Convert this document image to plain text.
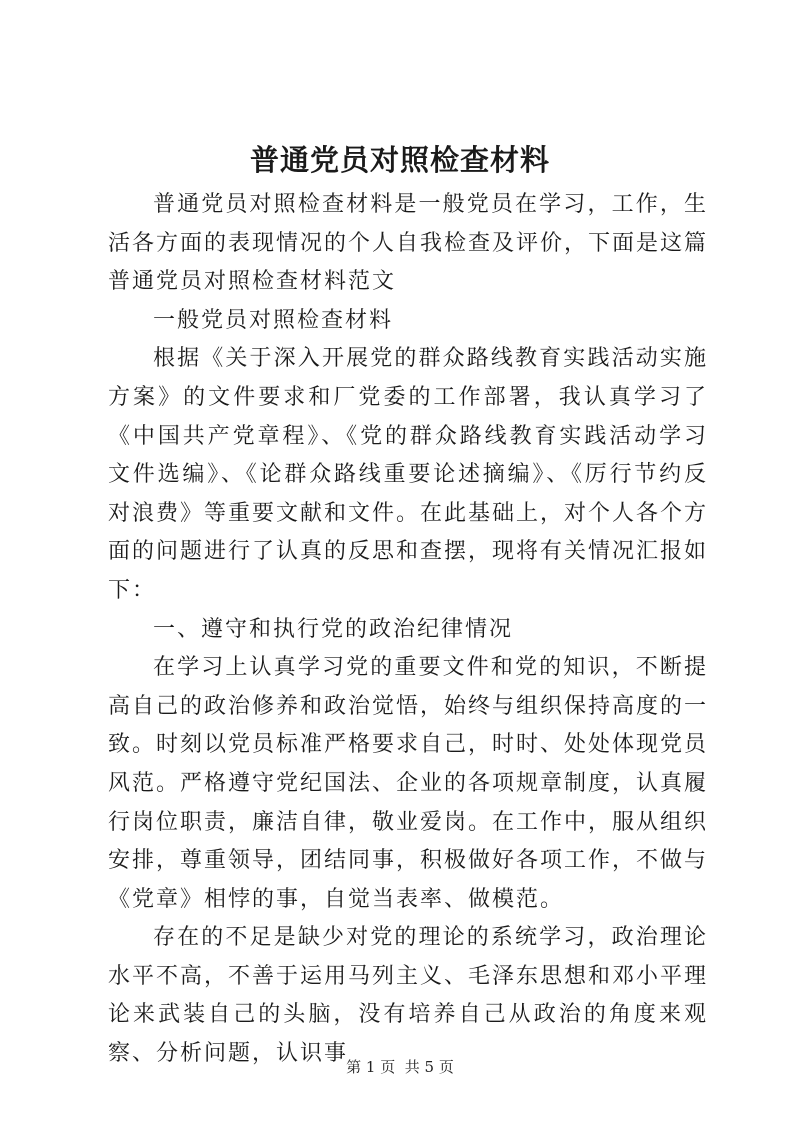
普通党员对照检查材料

普通党员对照检查材料是一般党员在学习，工作，生活各方面的表现情况的个人自我检查及评价，下面是这篇普通党员对照检查材料范文

一般党员对照检查材料

根据《关于深入开展党的群众路线教育实践活动实施方案》的文件要求和厂党委的工作部署，我认真学习了《中国共产党章程》、《党的群众路线教育实践活动学习文件选编》、《论群众路线重要论述摘编》、《厉行节约反对浪费》等重要文献和文件。在此基础上，对个人各个方面的问题进行了认真的反思和查摆，现将有关情况汇报如下：

一、遵守和执行党的政治纪律情况

在学习上认真学习党的重要文件和党的知识，不断提高自己的政治修养和政治觉悟，始终与组织保持高度的一致。时刻以党员标准严格要求自己，时时、处处体现党员风范。严格遵守党纪国法、企业的各项规章制度，认真履行岗位职责，廉洁自律，敬业爱岗。在工作中，服从组织安排，尊重领导，团结同事，积极做好各项工作，不做与《党章》相悖的事，自觉当表率、做模范。

存在的不足是缺少对党的理论的系统学习，政治理论水平不高，不善于运用马列主义、毛泽东思想和邓小平理论来武装自己的头脑，没有培养自己从政治的角度来观察、分析问题，认识事

第 1 页  共 5 页
